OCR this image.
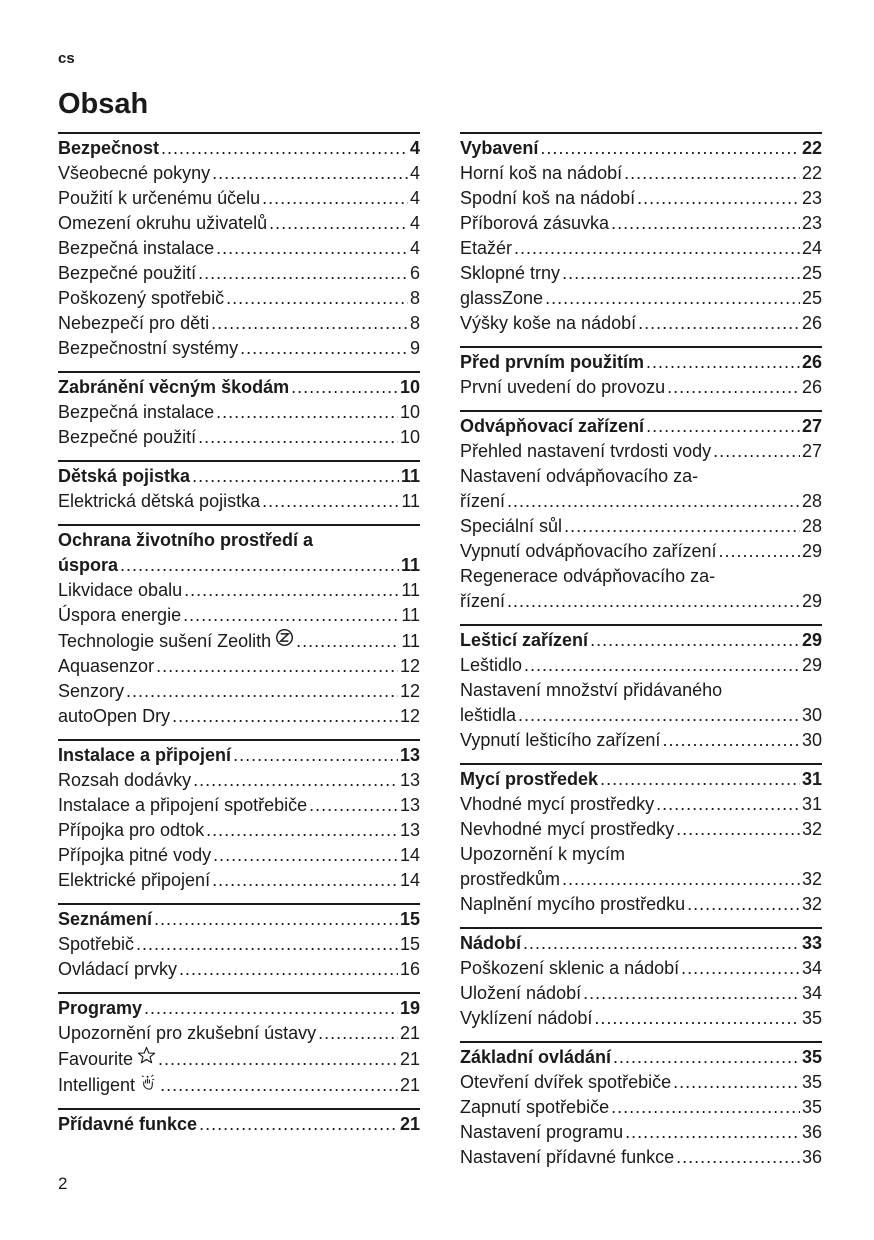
cs
Obsah
Bezpečnost .....	4
Všeobecné pokyny .....	4
Použití k určenému účelu .....	4
Omezení okruhu uživatelů .....	4
Bezpečná instalace .....	4
Bezpečné použití .....	6
Poškozený spotřebič .....	8
Nebezpečí pro děti .....	8
Bezpečnostní systémy .....	9
Zabránění věcným škodám .....	10
Bezpečná instalace .....	10
Bezpečné použití .....	10
Dětská pojistka .....	11
Elektrická dětská pojistka .....	11
Ochrana životního prostředí a
úspora .....	11
Likvidace obalu .....	11
Úspora energie .....	11
Technologie sušení Zeolith .....	11
Aquasenzor .....	12
Senzory .....	12
autoOpen Dry .....	12
Instalace a připojení .....	13
Rozsah dodávky .....	13
Instalace a připojení spotřebiče .....	13
Přípojka pro odtok .....	13
Přípojka pitné vody .....	14
Elektrické připojení .....	14
Seznámení .....	15
Spotřebič .....	15
Ovládací prvky .....	16
Programy .....	19
Upozornění pro zkušební ústavy .....	21
Favourite .....	21
Intelligent .....	21
Přídavné funkce .....	21
Vybavení .....	22
Horní koš na nádobí .....	22
Spodní koš na nádobí .....	23
Příborová zásuvka .....	23
Etažér .....	24
Sklopné trny .....	25
glassZone .....	25
Výšky koše na nádobí .....	26
Před prvním použitím .....	26
První uvedení do provozu .....	26
Odvápňovací zařízení .....	27
Přehled nastavení tvrdosti vody .....	27
Nastavení odvápňovacího za-
řízení .....	28
Speciální sůl .....	28
Vypnutí odvápňovacího zařízení .....	29
Regenerace odvápňovacího za-
řízení .....	29
Lešticí zařízení .....	29
Leštidlo .....	29
Nastavení množství přidávaného
leštidla .....	30
Vypnutí lešticího zařízení .....	30
Mycí prostředek .....	31
Vhodné mycí prostředky .....	31
Nevhodné mycí prostředky .....	32
Upozornění k mycím
prostředkům .....	32
Naplnění mycího prostředku .....	32
Nádobí .....	33
Poškození sklenic a nádobí .....	34
Uložení nádobí .....	34
Vyklízení nádobí .....	35
Základní ovládání .....	35
Otevření dvířek spotřebiče .....	35
Zapnutí spotřebiče .....	35
Nastavení programu .....	36
Nastavení přídavné funkce .....	36
2
